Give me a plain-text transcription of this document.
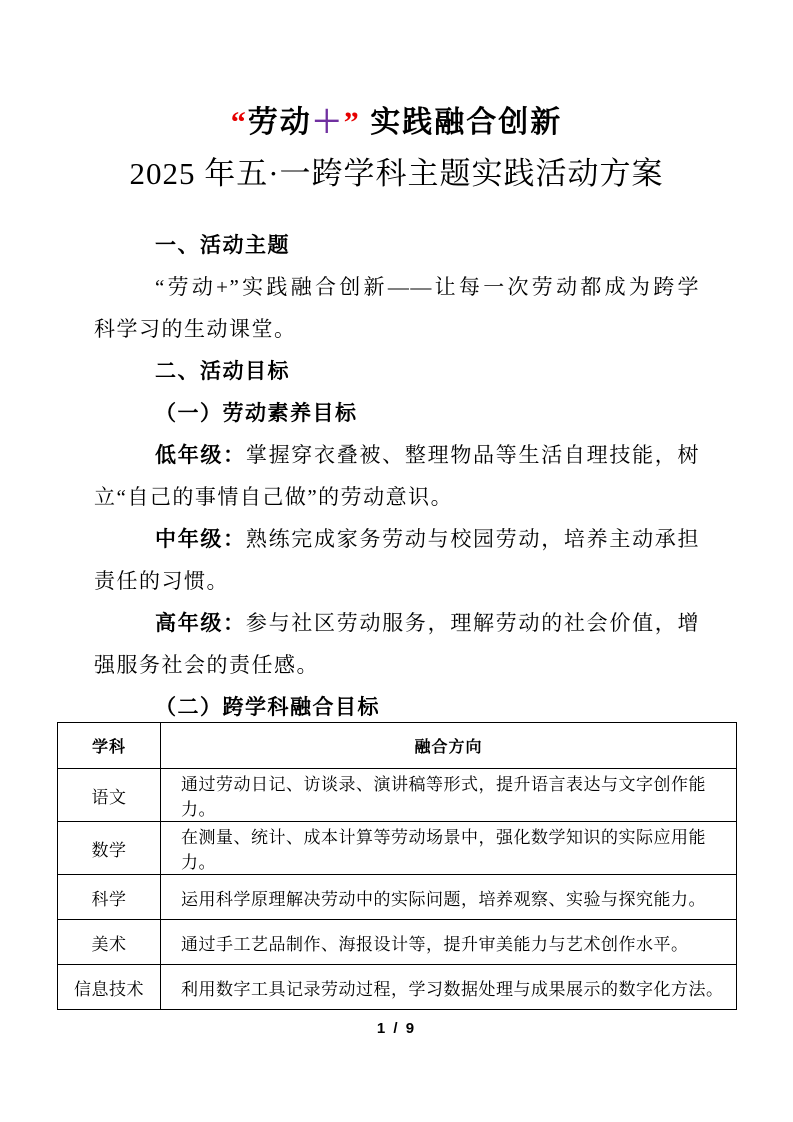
“劳动＋” 实践融合创新
2025 年五·一跨学科主题实践活动方案
一、活动主题
“劳动+”实践融合创新——让每一次劳动都成为跨学
科学习的生动课堂。
二、活动目标
（一）劳动素养目标
低年级：掌握穿衣叠被、整理物品等生活自理技能，树
立“自己的事情自己做”的劳动意识。
中年级：熟练完成家务劳动与校园劳动，培养主动承担
责任的习惯。
高年级：参与社区劳动服务，理解劳动的社会价值，增
强服务社会的责任感。
（二）跨学科融合目标
学科	融合方向
语文	通过劳动日记、访谈录、演讲稿等形式，提升语言表达与文字创作能力。
数学	在测量、统计、成本计算等劳动场景中，强化数学知识的实际应用能力。
科学	运用科学原理解决劳动中的实际问题，培养观察、实验与探究能力。
美术	通过手工艺品制作、海报设计等，提升审美能力与艺术创作水平。
信息技术	利用数字工具记录劳动过程，学习数据处理与成果展示的数字化方法。
1 / 9
